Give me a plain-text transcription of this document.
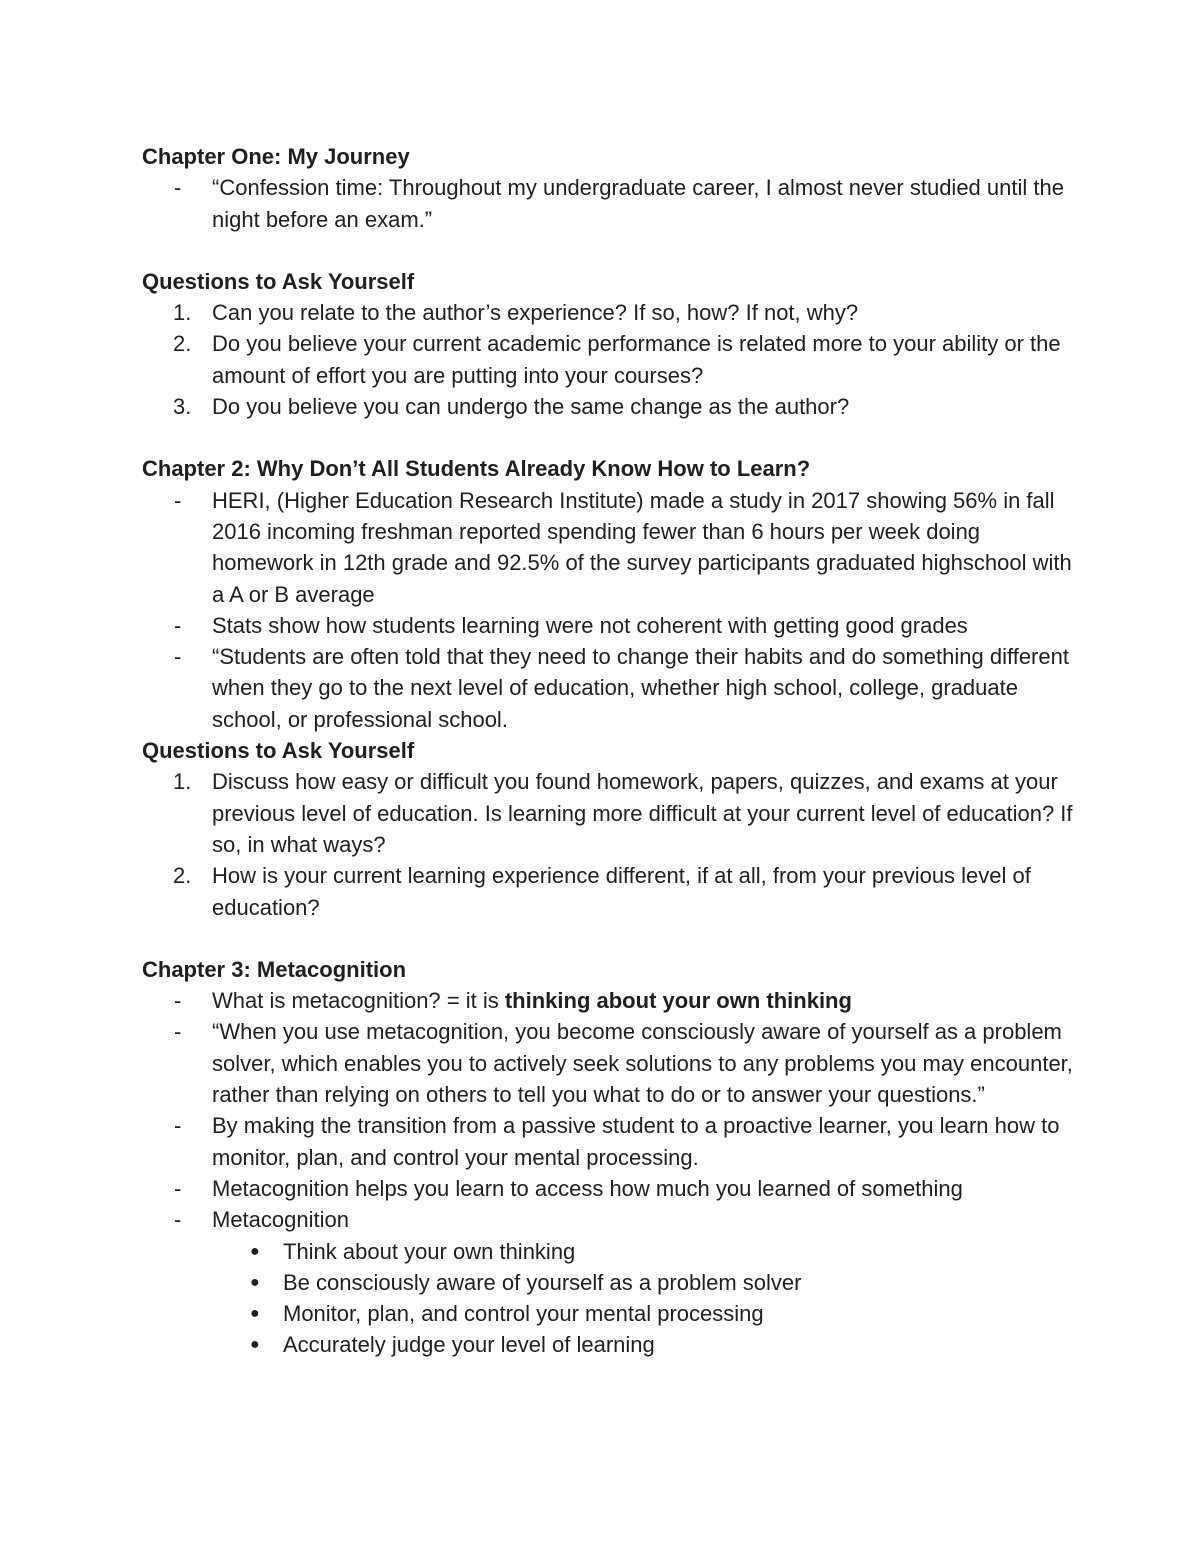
Chapter One: My Journey
-	“Confession time: Throughout my undergraduate career, I almost never studied until the night before an exam.”
Questions to Ask Yourself
1. Can you relate to the author’s experience? If so, how? If not, why?
2. Do you believe your current academic performance is related more to your ability or the amount of effort you are putting into your courses?
3. Do you believe you can undergo the same change as the author?
Chapter 2: Why Don’t All Students Already Know How to Learn?
-	HERI, (Higher Education Research Institute) made a study in 2017 showing 56% in fall 2016 incoming freshman reported spending fewer than 6 hours per week doing homework in 12th grade and 92.5% of the survey participants graduated highschool with a A or B average
-	Stats show how students learning were not coherent with getting good grades
-	“Students are often told that they need to change their habits and do something different when they go to the next level of education, whether high school, college, graduate school, or professional school.
Questions to Ask Yourself
1. Discuss how easy or difficult you found homework, papers, quizzes, and exams at your previous level of education. Is learning more difficult at your current level of education? If so, in what ways?
2. How is your current learning experience different, if at all, from your previous level of education?
Chapter 3: Metacognition
-	What is metacognition? = it is thinking about your own thinking
-	“When you use metacognition, you become consciously aware of yourself as a problem solver, which enables you to actively seek solutions to any problems you may encounter, rather than relying on others to tell you what to do or to answer your questions.”
-	By making the transition from a passive student to a proactive learner, you learn how to monitor, plan, and control your mental processing.
-	Metacognition helps you learn to access how much you learned of something
-	Metacognition
●	Think about your own thinking
●	Be consciously aware of yourself as a problem solver
●	Monitor, plan, and control your mental processing
●	Accurately judge your level of learning
